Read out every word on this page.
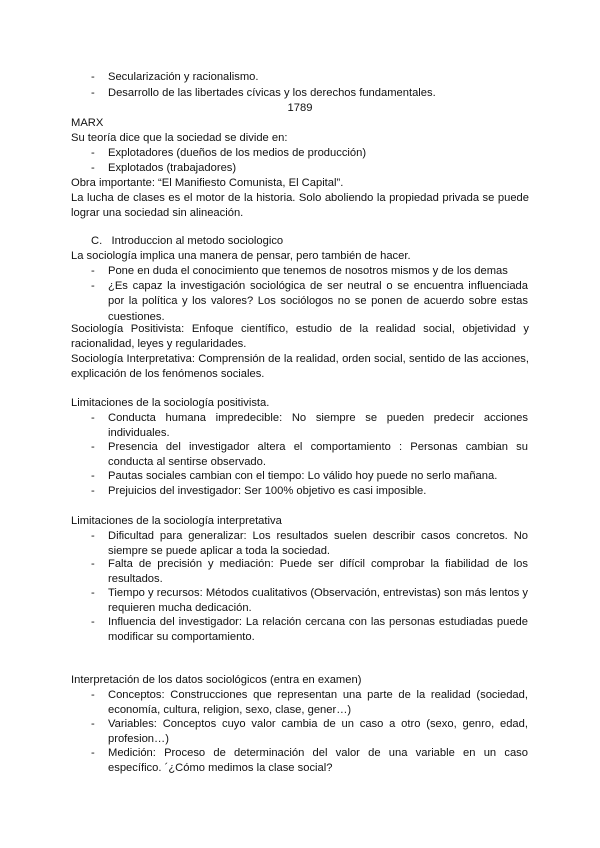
- Secularización y racionalismo.
- Desarrollo de las libertades cívicas y los derechos fundamentales.
1789
MARX
Su teoría dice que la sociedad se divide en:
- Explotadores (dueños de los medios de producción)
- Explotados (trabajadores)
Obra importante: “El Manifiesto Comunista, El Capital”.
La lucha de clases es el motor de la historia. Solo aboliendo la propiedad privada se puede lograr una sociedad sin alineación.
C.   Introduccion al metodo sociologico
La sociología implica una manera de pensar, pero también de hacer.
- Pone en duda el conocimiento que tenemos de nosotros mismos y de los demas
- ¿Es capaz la investigación sociológica de ser neutral o se encuentra influenciada por la política y los valores? Los sociólogos no se ponen de acuerdo sobre estas cuestiones.
Sociología Positivista: Enfoque científico, estudio de la realidad social, objetividad y racionalidad, leyes y regularidades.
Sociología Interpretativa: Comprensión de la realidad, orden social, sentido de las acciones, explicación de los fenómenos sociales.
Limitaciones de la sociología positivista.
- Conducta humana impredecible: No siempre se pueden predecir acciones individuales.
- Presencia del investigador altera el comportamiento : Personas cambian su conducta al sentirse observado.
- Pautas sociales cambian con el tiempo: Lo válido hoy puede no serlo mañana.
- Prejuicios del investigador: Ser 100% objetivo es casi imposible.
Limitaciones de la sociología interpretativa
- Dificultad para generalizar: Los resultados suelen describir casos concretos. No siempre se puede aplicar a toda la sociedad.
- Falta de precisión y mediación: Puede ser difícil comprobar la fiabilidad de los resultados.
- Tiempo y recursos: Métodos cualitativos (Observación, entrevistas) son más lentos y requieren mucha dedicación.
- Influencia del investigador: La relación cercana con las personas estudiadas puede modificar su comportamiento.
Interpretación de los datos sociológicos (entra en examen)
- Conceptos: Construcciones que representan una parte de la realidad (sociedad, economía, cultura, religion, sexo, clase, gener…)
- Variables: Conceptos cuyo valor cambia de un caso a otro (sexo, genro, edad, profesion…)
- Medición: Proceso de determinación del valor de una variable en un caso específico. ´¿Cómo medimos la clase social?
